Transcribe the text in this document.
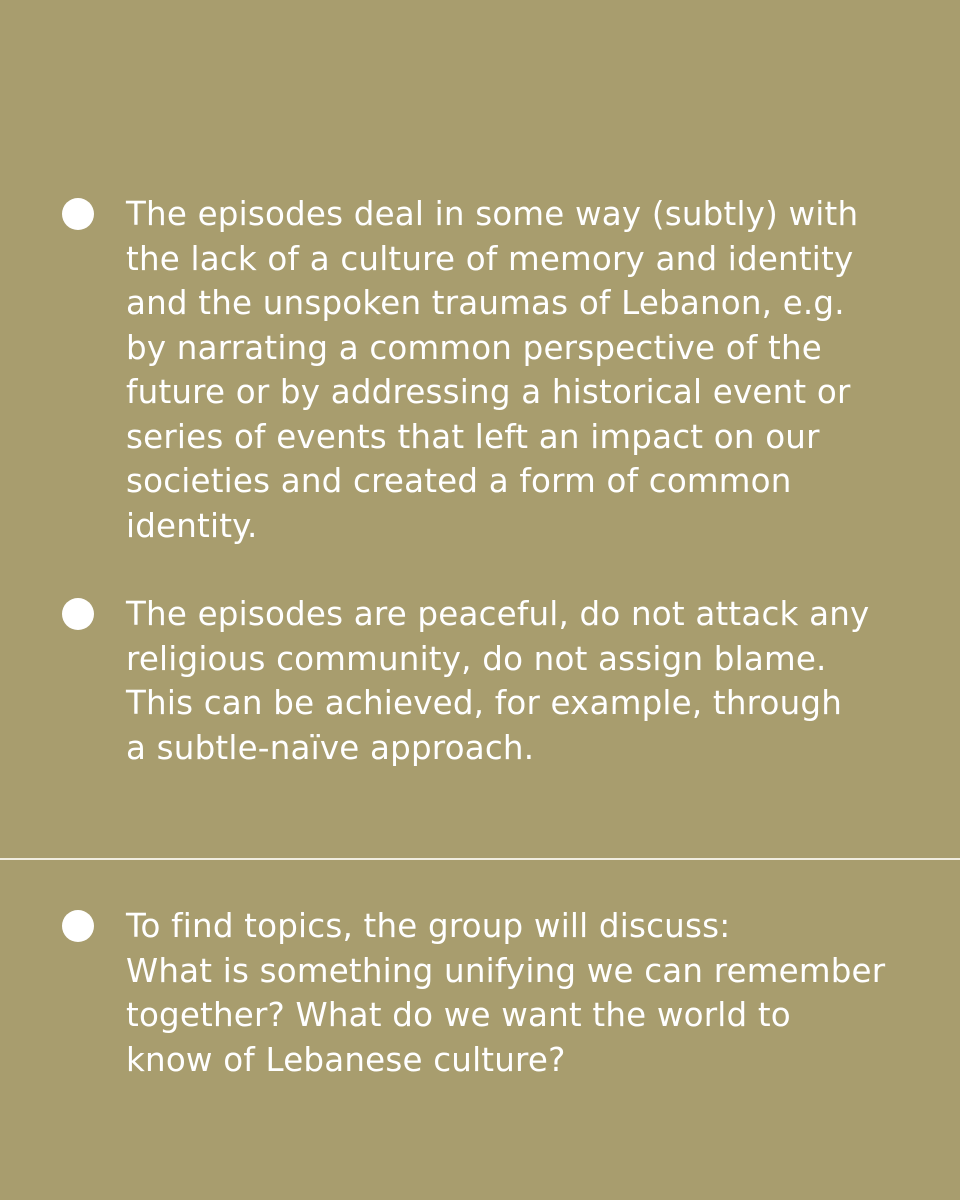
The episodes deal in some way (subtly) with
the lack of a culture of memory and identity
and the unspoken traumas of Lebanon, e.g.
by narrating a common perspective of the
future or by addressing a historical event or
series of events that left an impact on our
societies and created a form of common
identity.

The episodes are peaceful, do not attack any
religious community, do not assign blame.
This can be achieved, for example, through
a subtle-naïve approach.

To find topics, the group will discuss:
What is something unifying we can remember
together? What do we want the world to
know of Lebanese culture?
